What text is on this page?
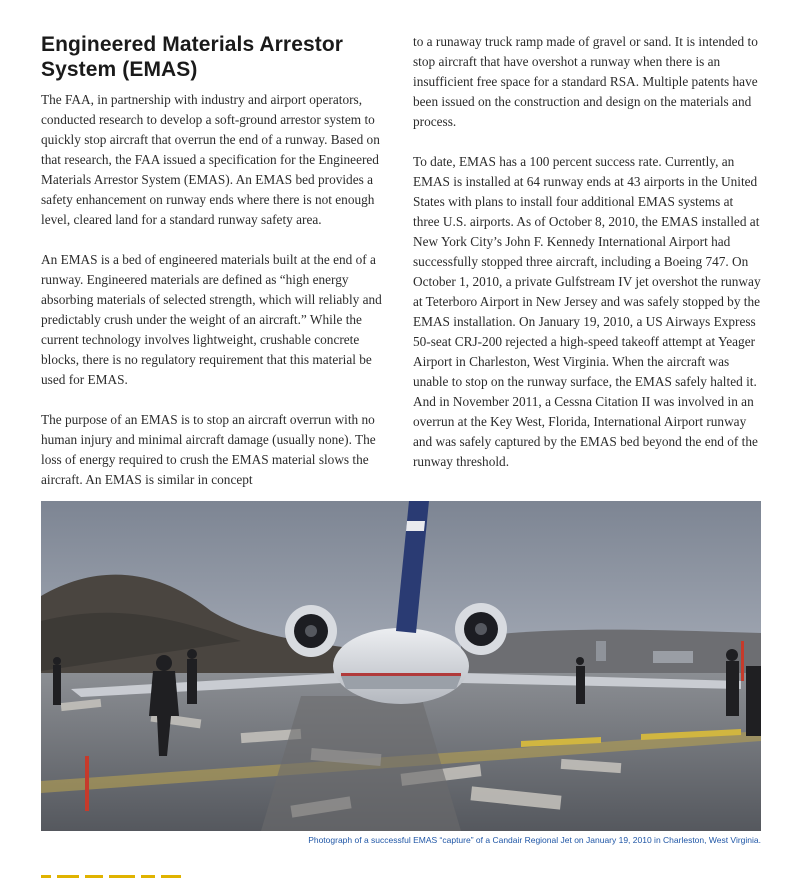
Engineered Materials Arrestor System (EMAS)

The FAA, in partnership with industry and airport operators, conducted research to develop a soft-ground arrestor system to quickly stop aircraft that overrun the end of a runway. Based on that research, the FAA issued a specification for the Engineered Materials Arrestor System (EMAS). An EMAS bed provides a safety enhancement on runway ends where there is not enough level, cleared land for a standard runway safety area.

An EMAS is a bed of engineered materials built at the end of a runway. Engineered materials are defined as “high energy absorbing materials of selected strength, which will reliably and predictably crush under the weight of an aircraft.” While the current technology involves lightweight, crushable concrete blocks, there is no regulatory requirement that this material be used for EMAS.

The purpose of an EMAS is to stop an aircraft overrun with no human injury and minimal aircraft damage (usually none). The loss of energy required to crush the EMAS material slows the aircraft. An EMAS is similar in concept

to a runaway truck ramp made of gravel or sand. It is intended to stop aircraft that have overshot a runway when there is an insufficient free space for a standard RSA. Multiple patents have been issued on the construction and design on the materials and process.

To date, EMAS has a 100 percent success rate. Currently, an EMAS is installed at 64 runway ends at 43 airports in the United States with plans to install four additional EMAS systems at three U.S. airports. As of October 8, 2010, the EMAS installed at New York City’s John F. Kennedy International Airport had successfully stopped three aircraft, including a Boeing 747. On October 1, 2010, a private Gulfstream IV jet overshot the runway at Teterboro Airport in New Jersey and was safely stopped by the EMAS installation. On January 19, 2010, a US Airways Express 50-seat CRJ-200 rejected a high-speed takeoff attempt at Yeager Airport in Charleston, West Virginia. When the aircraft was unable to stop on the runway surface, the EMAS safely halted it. And in November 2011, a Cessna Citation II was involved in an overrun at the Key West, Florida, International Airport runway and was safely captured by the EMAS bed beyond the end of the runway threshold.

Photograph of a successful EMAS “capture” of a Candair Regional Jet on January 19, 2010 in Charleston, West Virginia.
